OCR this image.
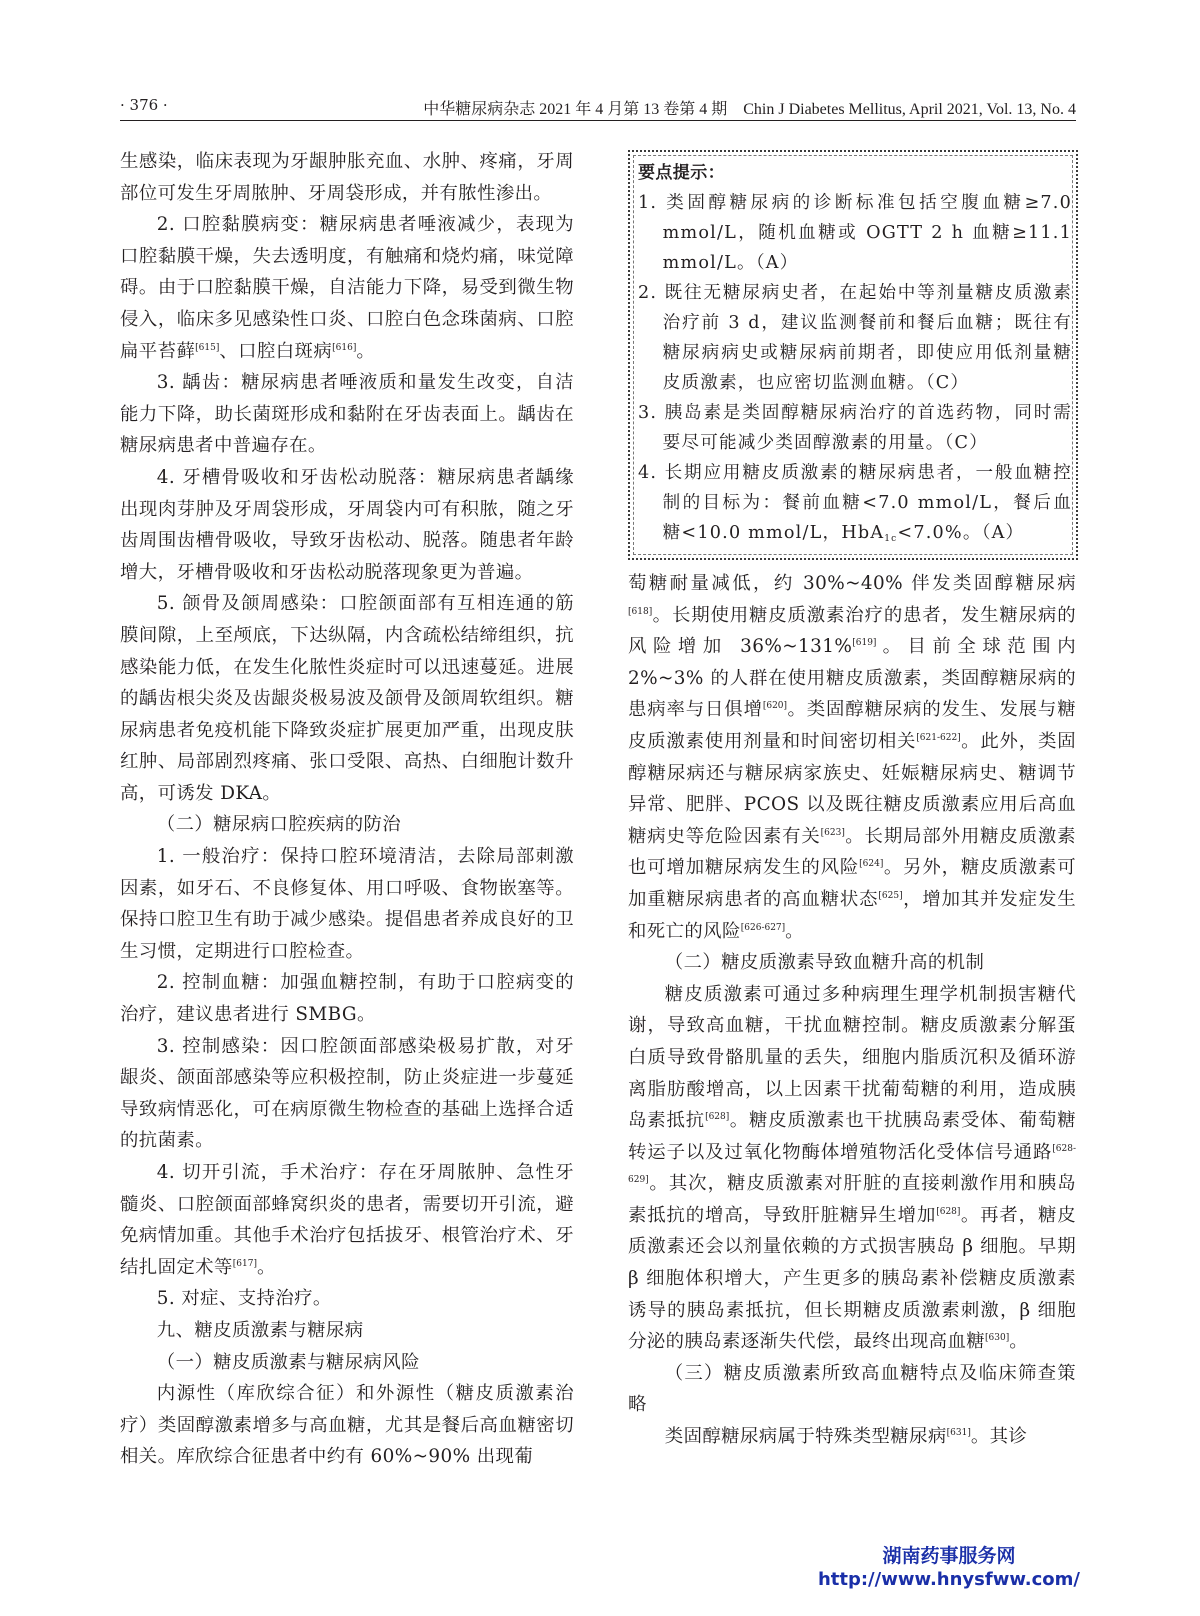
· 376 ·	中华糖尿病杂志 2021 年 4 月第 13 卷第 4 期　Chin J Diabetes Mellitus, April 2021, Vol. 13, No. 4

生感染，临床表现为牙龈肿胀充血、水肿、疼痛，牙周部位可发生牙周脓肿、牙周袋形成，并有脓性渗出。

2. 口腔黏膜病变：糖尿病患者唾液减少，表现为口腔黏膜干燥，失去透明度，有触痛和烧灼痛，味觉障碍。由于口腔黏膜干燥，自洁能力下降，易受到微生物侵入，临床多见感染性口炎、口腔白色念珠菌病、口腔扁平苔藓[615]、口腔白斑病[616]。

3. 龋齿：糖尿病患者唾液质和量发生改变，自洁能力下降，助长菌斑形成和黏附在牙齿表面上。龋齿在糖尿病患者中普遍存在。

4. 牙槽骨吸收和牙齿松动脱落：糖尿病患者龋缘出现肉芽肿及牙周袋形成，牙周袋内可有积脓，随之牙齿周围齿槽骨吸收，导致牙齿松动、脱落。随患者年龄增大，牙槽骨吸收和牙齿松动脱落现象更为普遍。

5. 颌骨及颌周感染：口腔颌面部有互相连通的筋膜间隙，上至颅底，下达纵隔，内含疏松结缔组织，抗感染能力低，在发生化脓性炎症时可以迅速蔓延。进展的龋齿根尖炎及齿龈炎极易波及颌骨及颌周软组织。糖尿病患者免疫机能下降致炎症扩展更加严重，出现皮肤红肿、局部剧烈疼痛、张口受限、高热、白细胞计数升高，可诱发 DKA。

（二）糖尿病口腔疾病的防治

1. 一般治疗：保持口腔环境清洁，去除局部刺激因素，如牙石、不良修复体、用口呼吸、食物嵌塞等。保持口腔卫生有助于减少感染。提倡患者养成良好的卫生习惯，定期进行口腔检查。

2. 控制血糖：加强血糖控制，有助于口腔病变的治疗，建议患者进行 SMBG。

3. 控制感染：因口腔颌面部感染极易扩散，对牙龈炎、颌面部感染等应积极控制，防止炎症进一步蔓延导致病情恶化，可在病原微生物检查的基础上选择合适的抗菌素。

4. 切开引流，手术治疗：存在牙周脓肿、急性牙髓炎、口腔颌面部蜂窝织炎的患者，需要切开引流，避免病情加重。其他手术治疗包括拔牙、根管治疗术、牙结扎固定术等[617]。

5. 对症、支持治疗。

九、糖皮质激素与糖尿病

（一）糖皮质激素与糖尿病风险

内源性（库欣综合征）和外源性（糖皮质激素治疗）类固醇激素增多与高血糖，尤其是餐后高血糖密切相关。库欣综合征患者中约有 60%~90% 出现葡

要点提示：
1. 类固醇糖尿病的诊断标准包括空腹血糖≥7.0 mmol/L，随机血糖或 OGTT 2 h 血糖≥11.1 mmol/L。（A）
2. 既往无糖尿病史者，在起始中等剂量糖皮质激素治疗前 3 d，建议监测餐前和餐后血糖；既往有糖尿病病史或糖尿病前期者，即使应用低剂量糖皮质激素，也应密切监测血糖。（C）
3. 胰岛素是类固醇糖尿病治疗的首选药物，同时需要尽可能减少类固醇激素的用量。（C）
4. 长期应用糖皮质激素的糖尿病患者，一般血糖控制的目标为：餐前血糖<7.0 mmol/L，餐后血糖<10.0 mmol/L，HbA$_{1c}$<7.0%。（A）

萄糖耐量减低，约 30%~40% 伴发类固醇糖尿病[618]。长期使用糖皮质激素治疗的患者，发生糖尿病的风险增加 36%~131%[619]。目前全球范围内 2%~3% 的人群在使用糖皮质激素，类固醇糖尿病的患病率与日俱增[620]。类固醇糖尿病的发生、发展与糖皮质激素使用剂量和时间密切相关[621-622]。此外，类固醇糖尿病还与糖尿病家族史、妊娠糖尿病史、糖调节异常、肥胖、PCOS 以及既往糖皮质激素应用后高血糖病史等危险因素有关[623]。长期局部外用糖皮质激素也可增加糖尿病发生的风险[624]。另外，糖皮质激素可加重糖尿病患者的高血糖状态[625]，增加其并发症发生和死亡的风险[626-627]。

（二）糖皮质激素导致血糖升高的机制

糖皮质激素可通过多种病理生理学机制损害糖代谢，导致高血糖，干扰血糖控制。糖皮质激素分解蛋白质导致骨骼肌量的丢失，细胞内脂质沉积及循环游离脂肪酸增高，以上因素干扰葡萄糖的利用，造成胰岛素抵抗[628]。糖皮质激素也干扰胰岛素受体、葡萄糖转运子以及过氧化物酶体增殖物活化受体信号通路[628-629]。其次，糖皮质激素对肝脏的直接刺激作用和胰岛素抵抗的增高，导致肝脏糖异生增加[628]。再者，糖皮质激素还会以剂量依赖的方式损害胰岛 β 细胞。早期 β 细胞体积增大，产生更多的胰岛素补偿糖皮质激素诱导的胰岛素抵抗，但长期糖皮质激素刺激，β 细胞分泌的胰岛素逐渐失代偿，最终出现高血糖[630]。

（三）糖皮质激素所致高血糖特点及临床筛查策略

类固醇糖尿病属于特殊类型糖尿病[631]。其诊

湖南药事服务网
http://www.hnysfww.com/
